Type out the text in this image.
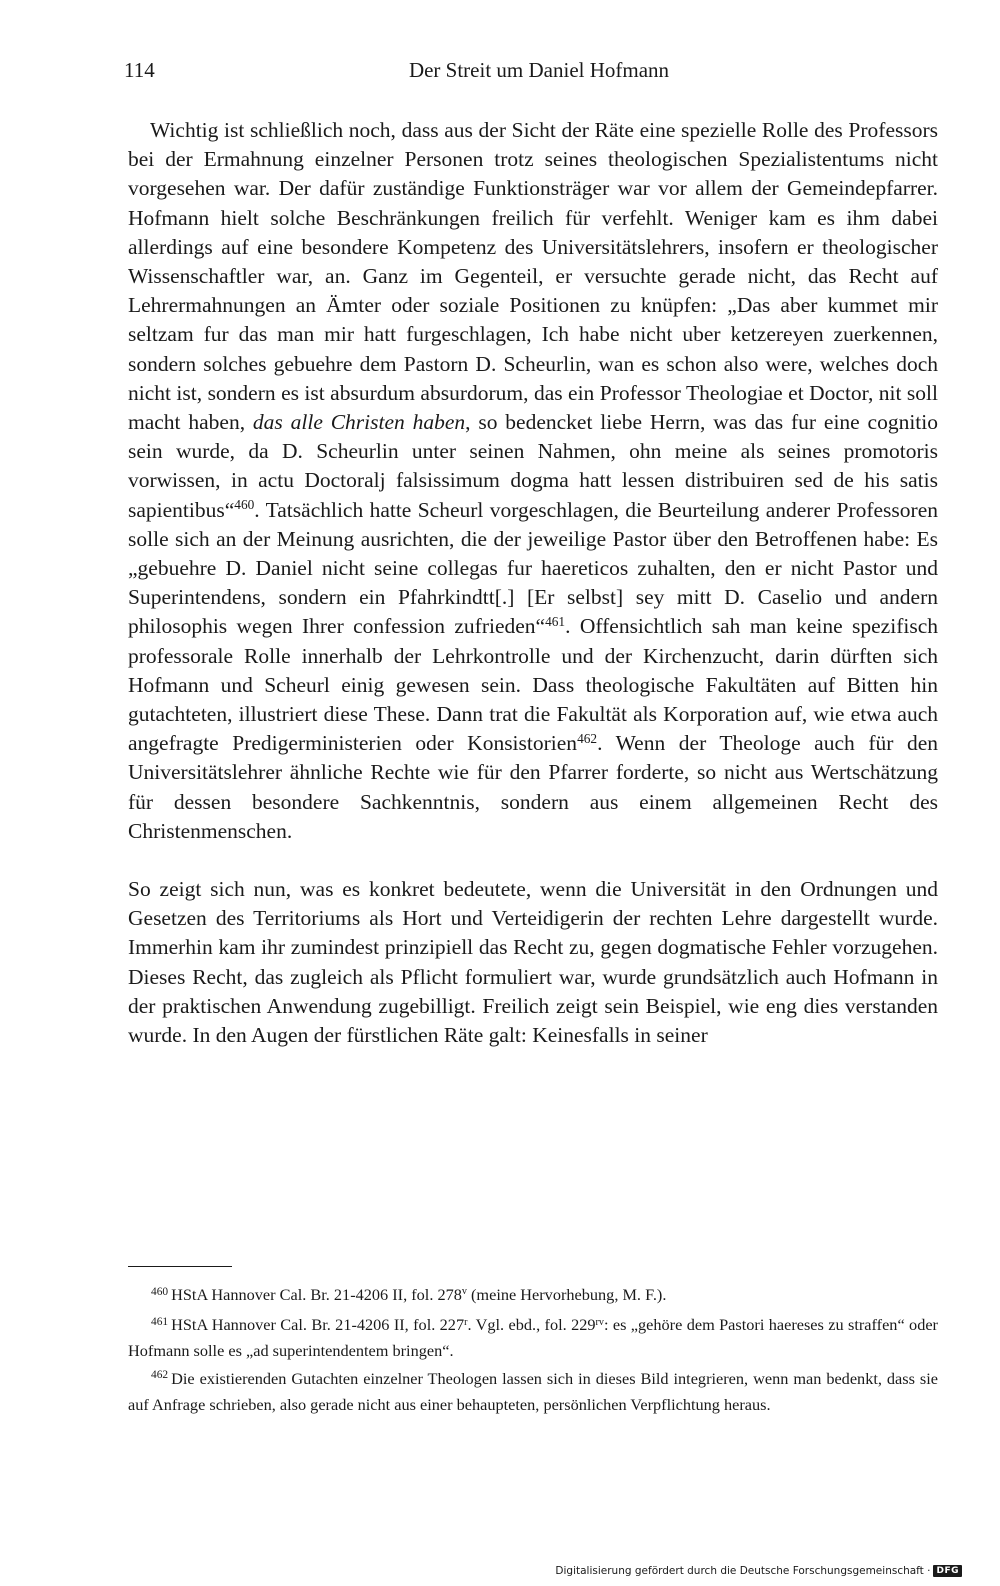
114	Der Streit um Daniel Hofmann

Wichtig ist schließlich noch, dass aus der Sicht der Räte eine spezielle Rolle des Professors bei der Ermahnung einzelner Personen trotz seines theologischen Spezialistentums nicht vorgesehen war. Der dafür zuständige Funktionsträger war vor allem der Gemeindepfarrer. Hofmann hielt solche Beschränkungen freilich für verfehlt. Weniger kam es ihm dabei allerdings auf eine besondere Kompetenz des Universitätslehrers, insofern er theologischer Wissenschaftler war, an. Ganz im Gegenteil, er versuchte gerade nicht, das Recht auf Lehrermahnungen an Ämter oder soziale Positionen zu knüpfen: „Das aber kummet mir seltzam fur das man mir hatt furgeschlagen, Ich habe nicht uber ketzereyen zuerkennen, sondern solches gebuehre dem Pastorn D. Scheurlin, wan es schon also were, welches doch nicht ist, sondern es ist absurdum absurdorum, das ein Professor Theologiae et Doctor, nit soll macht haben, das alle Christen haben, so bedencket liebe Herrn, was das fur eine cognitio sein wurde, da D. Scheurlin unter seinen Nahmen, ohn meine als seines promotoris vorwissen, in actu Doctoralj falsissimum dogma hatt lessen distribuiren sed de his satis sapientibus“$^{460}$. Tatsächlich hatte Scheurl vorgeschlagen, die Beurteilung anderer Professoren solle sich an der Meinung ausrichten, die der jeweilige Pastor über den Betroffenen habe: Es „gebuehre D. Daniel nicht seine collegas fur haereticos zuhalten, den er nicht Pastor und Superintendens, sondern ein Pfahrkindtt[.] [Er selbst] sey mitt D. Caselio und andern philosophis wegen Ihrer confession zufrieden“$^{461}$. Offensichtlich sah man keine spezifisch professorale Rolle innerhalb der Lehrkontrolle und der Kirchenzucht, darin dürften sich Hofmann und Scheurl einig gewesen sein. Dass theologische Fakultäten auf Bitten hin gutachteten, illustriert diese These. Dann trat die Fakultät als Korporation auf, wie etwa auch angefragte Predigerministerien oder Konsistorien$^{462}$. Wenn der Theologe auch für den Universitätslehrer ähnliche Rechte wie für den Pfarrer forderte, so nicht aus Wertschätzung für dessen besondere Sachkenntnis, sondern aus einem allgemeinen Recht des Christenmenschen.

So zeigt sich nun, was es konkret bedeutete, wenn die Universität in den Ordnungen und Gesetzen des Territoriums als Hort und Verteidigerin der rechten Lehre dargestellt wurde. Immerhin kam ihr zumindest prinzipiell das Recht zu, gegen dogmatische Fehler vorzugehen. Dieses Recht, das zugleich als Pflicht formuliert war, wurde grundsätzlich auch Hofmann in der praktischen Anwendung zugebilligt. Freilich zeigt sein Beispiel, wie eng dies verstanden wurde. In den Augen der fürstlichen Räte galt: Keinesfalls in seiner

$^{460}$ HStA Hannover Cal. Br. 21-4206 II, fol. 278$^v$ (meine Hervorhebung, M. F.).

$^{461}$ HStA Hannover Cal. Br. 21-4206 II, fol. 227$^r$. Vgl. ebd., fol. $229^{rv}$: es „gehöre dem Pastori haereses zu straffen“ oder Hofmann solle es „ad superintendentem bringen“.

$^{462}$ Die existierenden Gutachten einzelner Theologen lassen sich in dieses Bild integrieren, wenn man bedenkt, dass sie auf Anfrage schrieben, also gerade nicht aus einer behaupteten, persönlichen Verpflichtung heraus.

Digitalisierung gefördert durch die Deutsche Forschungsgemeinschaft · DFG
